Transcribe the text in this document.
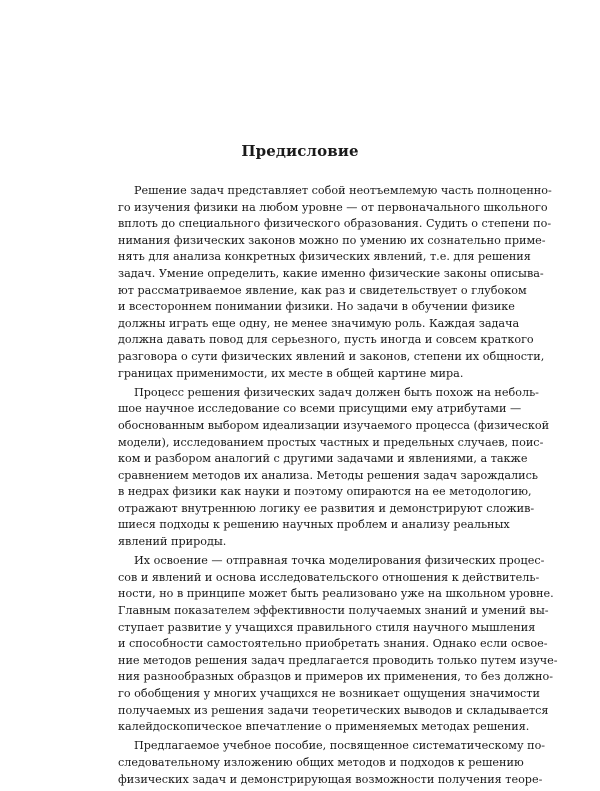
Предисловие
Решение задач представляет собой неотъемлемую часть полноценно-
го изучения физики на любом уровне — от первоначального школьного
вплоть до специального физического образования. Судить о степени по-
нимания физических законов можно по умению их сознательно приме-
нять для анализа конкретных физических явлений, т.е. для решения
задач. Умение определить, какие именно физические законы описыва-
ют рассматриваемое явление, как раз и свидетельствует о глубоком
и всестороннем понимании физики. Но задачи в обучении физике
должны играть еще одну, не менее значимую роль. Каждая задача
должна давать повод для серьезного, пусть иногда и совсем краткого
разговора о сути физических явлений и законов, степени их общности,
границах применимости, их месте в общей картине мира.
Процесс решения физических задач должен быть похож на неболь-
шое научное исследование со всеми присущими ему атрибутами —
обоснованным выбором идеализации изучаемого процесса (физической
модели), исследованием простых частных и предельных случаев, поис-
ком и разбором аналогий с другими задачами и явлениями, а также
сравнением методов их анализа. Методы решения задач зарождались
в недрах физики как науки и поэтому опираются на ее методологию,
отражают внутреннюю логику ее развития и демонстрируют сложив-
шиеся подходы к решению научных проблем и анализу реальных
явлений природы.
Их освоение — отправная точка моделирования физических процес-
сов и явлений и основа исследовательского отношения к действитель-
ности, но в принципе может быть реализовано уже на школьном уровне.
Главным показателем эффективности получаемых знаний и умений вы-
ступает развитие у учащихся правильного стиля научного мышления
и способности самостоятельно приобретать знания. Однако если освое-
ние методов решения задач предлагается проводить только путем изуче-
ния разнообразных образцов и примеров их применения, то без должно-
го обобщения у многих учащихся не возникает ощущения значимости
получаемых из решения задачи теоретических выводов и складывается
калейдоскопическое впечатление о применяемых методах решения.
Предлагаемое учебное пособие, посвященное систематическому по-
следовательному изложению общих методов и подходов к решению
физических задач и демонстрирующая возможности получения теоре-
